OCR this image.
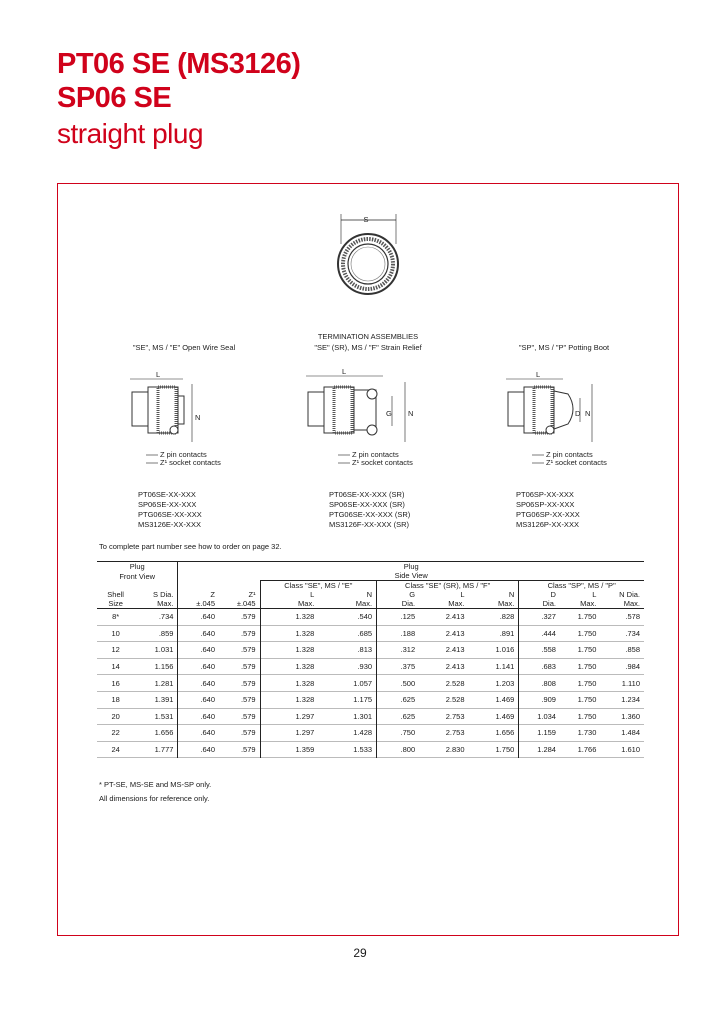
PT06 SE (MS3126)
SP06 SE
straight plug
S
TERMINATION ASSEMBLIES
"SE", MS / "E" Open Wire Seal	"SE" (SR), MS / "F" Strain Relief	"SP", MS / "P" Potting Boot
L
N
Z pin contacts
Z¹ socket contacts
L
G N
Z pin contacts
Z¹ socket contacts
L
D N
Z pin contacts
Z¹ socket contacts
PT06SE-XX-XXX
SP06SE-XX-XXX
PTG06SE-XX-XXX
MS3126E-XX-XXX
PT06SE-XX-XXX (SR)
SP06SE-XX-XXX (SR)
PTG06SE-XX-XXX (SR)
MS3126F-XX-XXX (SR)
PT06SP-XX-XXX
SP06SP-XX-XXX
PTG06SP-XX-XXX
MS3126P-XX-XXX
To complete part number see how to order on page 32.
Plug		Plug									
Front View		Side View									
				Class "SE", MS / "E"		Class "SE" (SR), MS / "F"			Class "SP", MS / "P"		
Shell	S Dia.	Z	Z¹	L	N	G	L	N	D	L	N Dia.
Size	Max.	±.045	±.045	Max.	Max.	Dia.	Max.	Max.	Dia.	Max.	Max.
8*	.734	.640	.579	1.328	.540	.125	2.413	.828	.327	1.750	.578
10	.859	.640	.579	1.328	.685	.188	2.413	.891	.444	1.750	.734
12	1.031	.640	.579	1.328	.813	.312	2.413	1.016	.558	1.750	.858
14	1.156	.640	.579	1.328	.930	.375	2.413	1.141	.683	1.750	.984
16	1.281	.640	.579	1.328	1.057	.500	2.528	1.203	.808	1.750	1.110
18	1.391	.640	.579	1.328	1.175	.625	2.528	1.469	.909	1.750	1.234
20	1.531	.640	.579	1.297	1.301	.625	2.753	1.469	1.034	1.750	1.360
22	1.656	.640	.579	1.297	1.428	.750	2.753	1.656	1.159	1.730	1.484
24	1.777	.640	.579	1.359	1.533	.800	2.830	1.750	1.284	1.766	1.610
* PT-SE, MS-SE and MS-SP only.
All dimensions for reference only.
29
